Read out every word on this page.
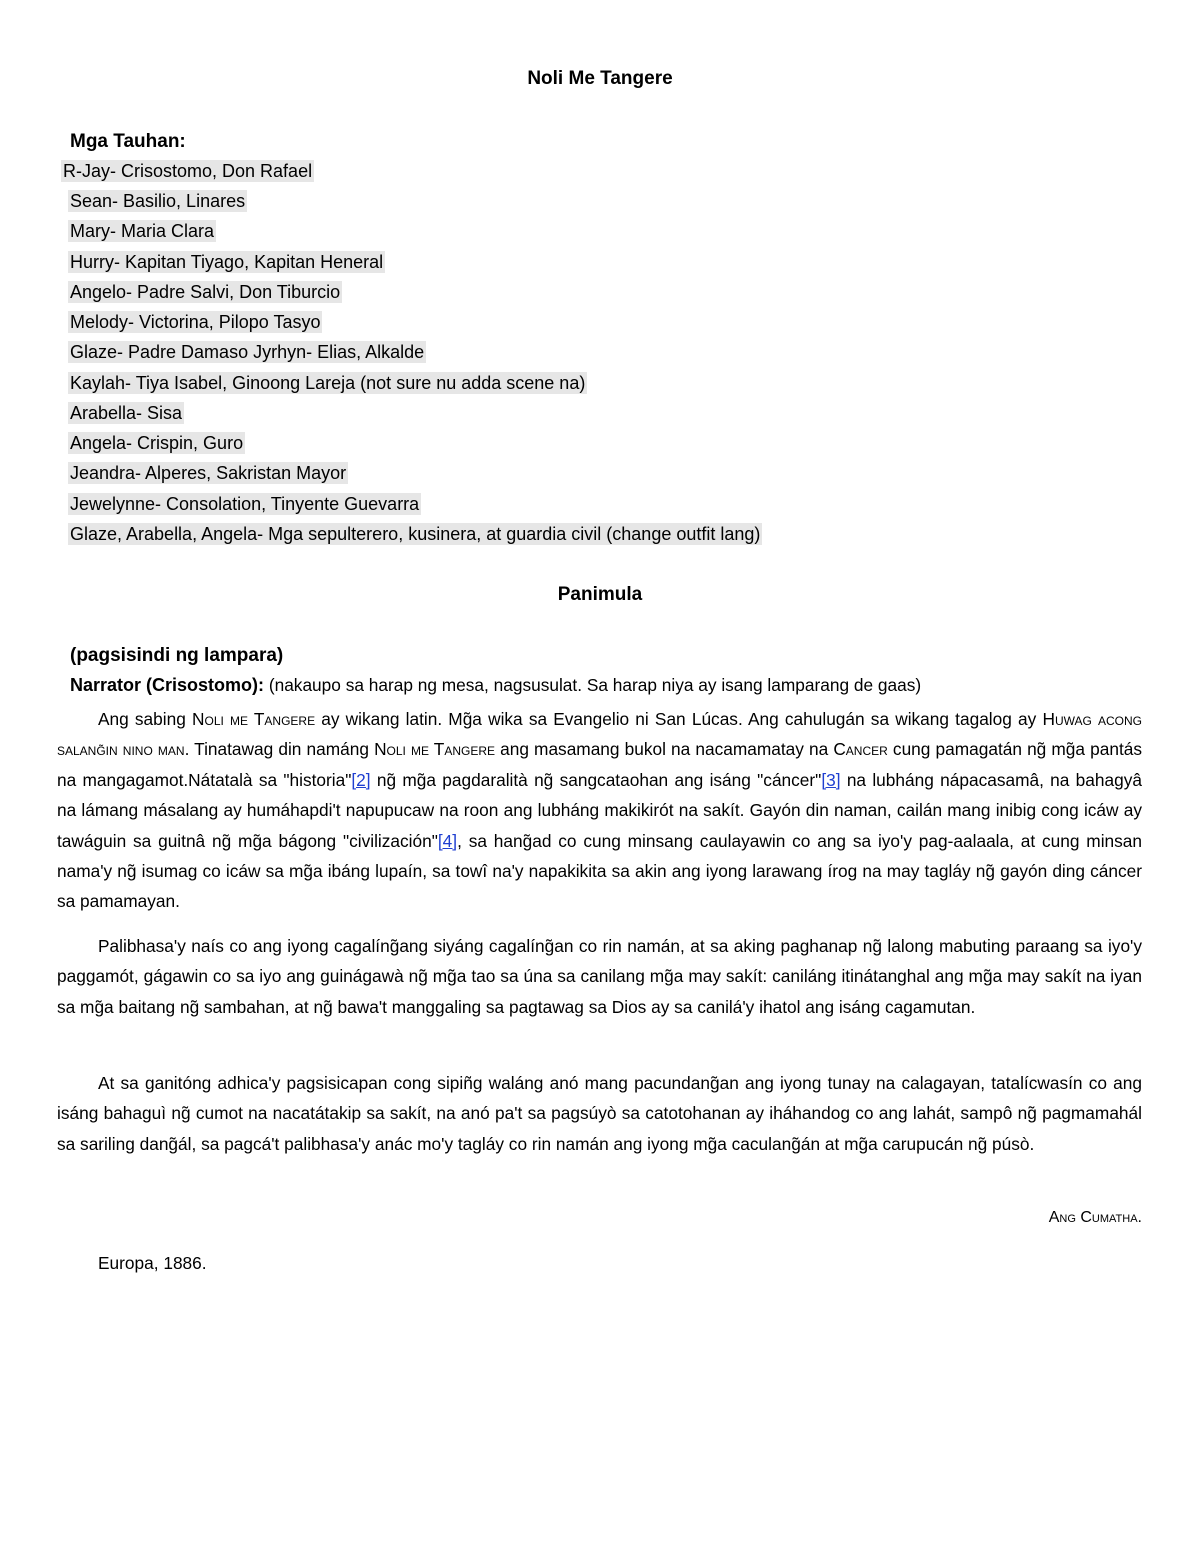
Noli Me Tangere
Mga Tauhan:
R-Jay- Crisostomo, Don Rafael
Sean- Basilio, Linares
Mary- Maria Clara
Hurry- Kapitan Tiyago, Kapitan Heneral
Angelo- Padre Salvi, Don Tiburcio
Melody- Victorina, Pilopo Tasyo
Glaze- Padre Damaso Jyrhyn- Elias, Alkalde
Kaylah- Tiya Isabel, Ginoong Lareja (not sure nu adda scene na)
Arabella- Sisa
Angela- Crispin, Guro
Jeandra- Alperes, Sakristan Mayor
Jewelynne- Consolation, Tinyente Guevarra
Glaze, Arabella, Angela- Mga sepulterero, kusinera, at guardia civil (change outfit lang)
Panimula
(pagsisindi ng lampara)
Narrator (Crisostomo): (nakaupo sa harap ng mesa, nagsusulat. Sa harap niya ay isang lamparang de gaas)
Ang sabing Noli me Tangere ay wikang latin. Mg̃a wika sa Evangelio ni San Lúcas. Ang cahulugán sa wikang tagalog ay Huwag acong salang̃in nino man. Tinatawag din namáng Noli me Tangere ang masamang bukol na nacamamatay na Cancer cung pamagatán ng̃ mg̃a pantás na mangagamot.Nátatalà sa "historia"[2] ng̃ mg̃a pagdaralità ng̃ sangcataohan ang isáng "cáncer"[3] na lubháng nápacasamâ, na bahagyâ na lámang másalang ay humáhapdi't napupucaw na roon ang lubháng makikirót na sakít. Gayón din naman, cailán mang inibig cong icáw ay tawáguin sa guitnâ ng̃ mg̃a bágong "civilización"[4], sa hang̃ad co cung minsang caulayawin co ang sa iyo'y pag-aalaala, at cung minsan nama'y ng̃ isumag co icáw sa mg̃a ibáng lupaín, sa towî na'y napakikita sa akin ang iyong larawang írog na may tagláy ng̃ gayón ding cáncer sa pamamayan.
Palibhasa'y naís co ang iyong cagalíng̃ang siyáng cagalíng̃an co rin namán, at sa aking paghanap ng̃ lalong mabuting paraang sa iyo'y paggamót, gágawin co sa iyo ang guinágawà ng̃ mg̃a tao sa úna sa canilang mg̃a may sakít: caniláng itinátanghal ang mg̃a may sakít na iyan sa mg̃a baitang ng̃ sambahan, at ng̃ bawa't manggaling sa pagtawag sa Dios ay sa canilá'y ihatol ang isáng cagamutan.
At sa ganitóng adhica'y pagsisicapan cong sipiñg waláng anó mang pacundang̃an ang iyong tunay na calagayan, tatalícwasín co ang isáng bahaguì ng̃ cumot na nacatátakip sa sakít, na anó pa't sa pagsúyò sa catotohanan ay iháhandog co ang lahát, sampô ng̃ pagmamahál sa sariling dang̃ál, sa pagcá't palibhasa'y anác mo'y tagláy co rin namán ang iyong mg̃a caculang̃án at mg̃a carupucán ng̃ púsò.
Ang Cumatha.
Europa, 1886.
